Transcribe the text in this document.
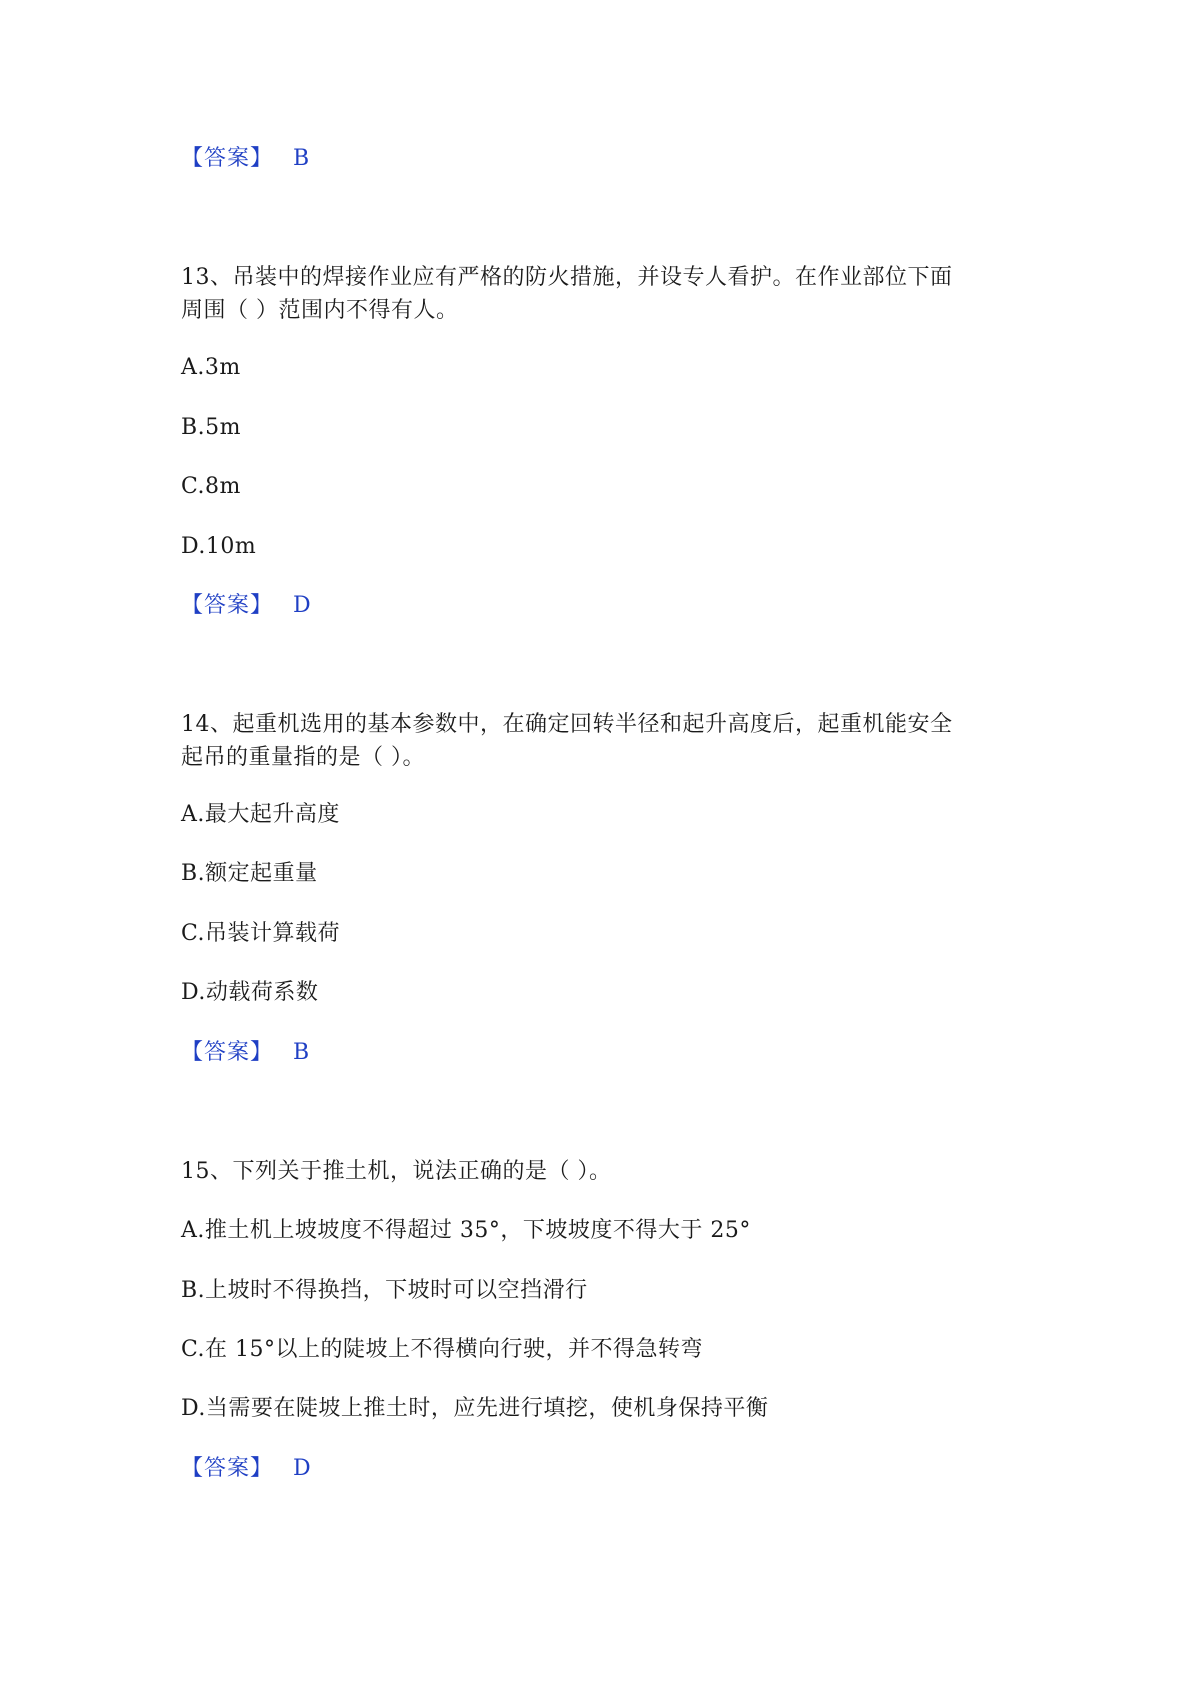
【答案】 B
13、吊装中的焊接作业应有严格的防火措施，并设专人看护。在作业部位下面
周围（ ）范围内不得有人。
A.3m
B.5m
C.8m
D.10m
【答案】 D
14、起重机选用的基本参数中，在确定回转半径和起升高度后，起重机能安全
起吊的重量指的是（ ）。
A.最大起升高度
B.额定起重量
C.吊装计算载荷
D.动载荷系数
【答案】 B
15、下列关于推土机，说法正确的是（ ）。
A.推土机上坡坡度不得超过 35°，下坡坡度不得大于 25°
B.上坡时不得换挡，下坡时可以空挡滑行
C.在 15°以上的陡坡上不得横向行驶，并不得急转弯
D.当需要在陡坡上推土时，应先进行填挖，使机身保持平衡
【答案】 D
